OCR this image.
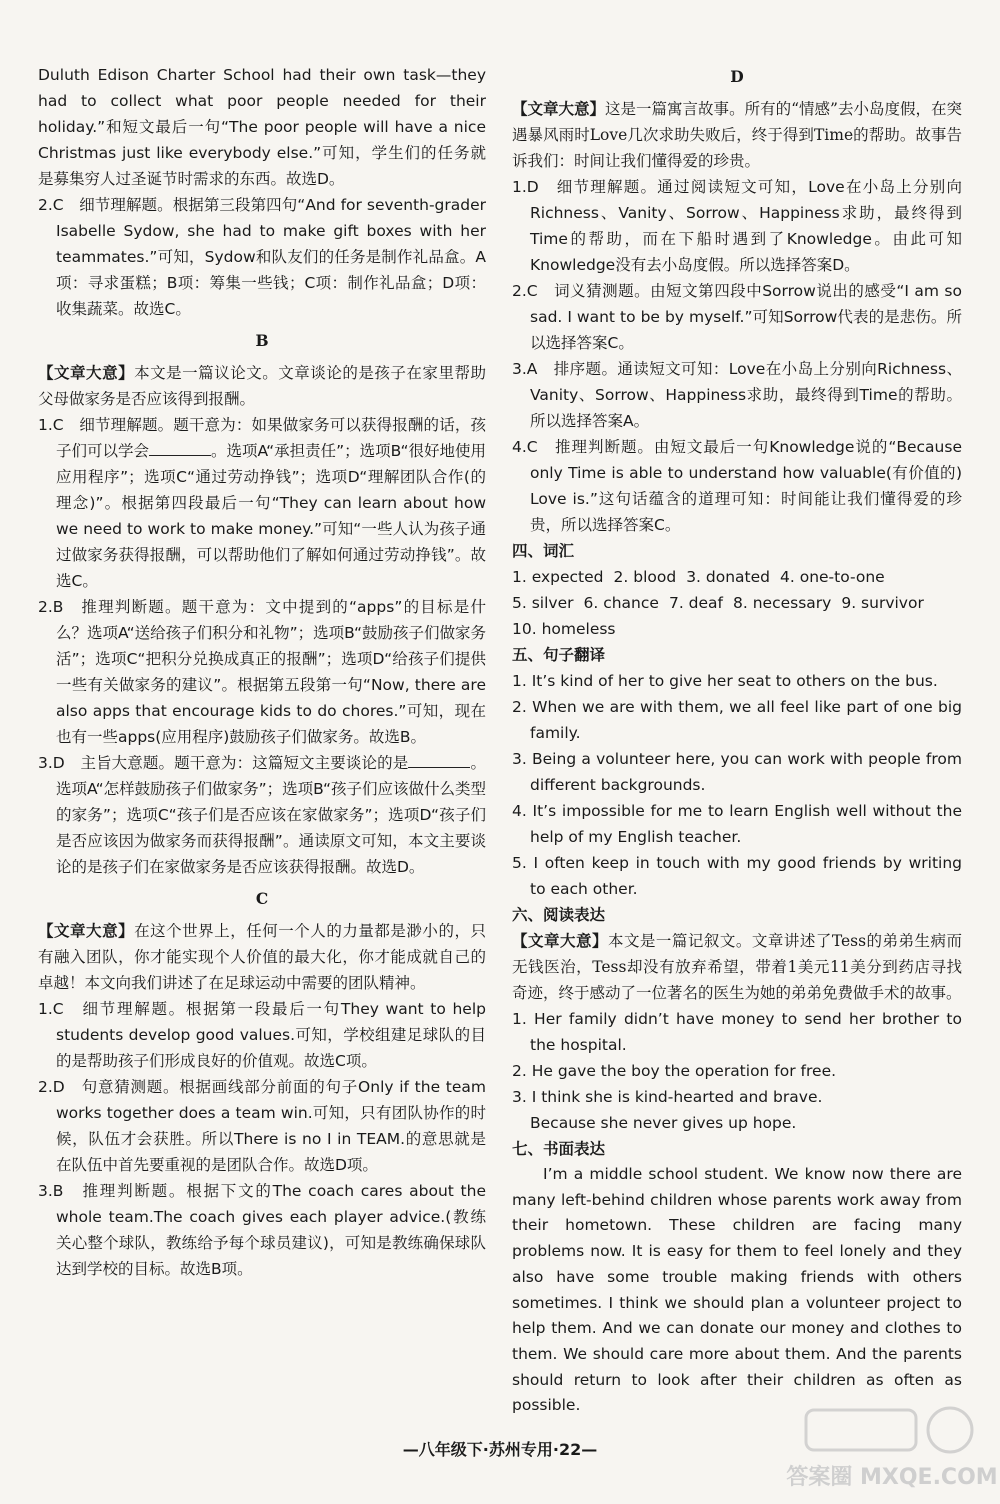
Duluth Edison Charter School had their own task—they had to collect what poor people needed for their holiday.”和短文最后一句“The poor people will have a nice Christmas just like everybody else.”可知，学生们的任务就是募集穷人过圣诞节时需求的东西。故选D。

2.C　细节理解题。根据第三段第四句“And for seventh-grader Isabelle Sydow, she had to make gift boxes with her teammates.”可知，Sydow和队友们的任务是制作礼品盒。A项：寻求蛋糕；B项：筹集一些钱；C项：制作礼品盒；D项：收集蔬菜。故选C。

B

【文章大意】本文是一篇议论文。文章谈论的是孩子在家里帮助父母做家务是否应该得到报酬。

1.C　细节理解题。题干意为：如果做家务可以获得报酬的话，孩子们可以学会	。选项A“承担责任”；选项B“很好地使用应用程序”；选项C“通过劳动挣钱”；选项D“理解团队合作(的理念)”。根据第四段最后一句“They can learn about how we need to work to make money.”可知“一些人认为孩子通过做家务获得报酬，可以帮助他们了解如何通过劳动挣钱”。故选C。

2.B　推理判断题。题干意为：文中提到的“apps”的目标是什么？选项A“送给孩子们积分和礼物”；选项B“鼓励孩子们做家务活”；选项C“把积分兑换成真正的报酬”；选项D“给孩子们提供一些有关做家务的建议”。根据第五段第一句“Now, there are also apps that encourage kids to do chores.”可知，现在也有一些apps(应用程序)鼓励孩子们做家务。故选B。

3.D　主旨大意题。题干意为：这篇短文主要谈论的是	。选项A“怎样鼓励孩子们做家务”；选项B“孩子们应该做什么类型的家务”；选项C“孩子们是否应该在家做家务”；选项D“孩子们是否应该因为做家务而获得报酬”。通读原文可知，本文主要谈论的是孩子们在家做家务是否应该获得报酬。故选D。

C

【文章大意】在这个世界上，任何一个人的力量都是渺小的，只有融入团队，你才能实现个人价值的最大化，你才能成就自己的卓越！本文向我们讲述了在足球运动中需要的团队精神。

1.C　细节理解题。根据第一段最后一句They want to help students develop good values.可知，学校组建足球队的目的是帮助孩子们形成良好的价值观。故选C项。

2.D　句意猜测题。根据画线部分前面的句子Only if the team works together does a team win.可知，只有团队协作的时候，队伍才会获胜。所以There is no I in TEAM.的意思就是在队伍中首先要重视的是团队合作。故选D项。

3.B　推理判断题。根据下文的The coach cares about the whole team.The coach gives each player advice.(教练关心整个球队，教练给予每个球员建议)，可知是教练确保球队达到学校的目标。故选B项。

D

【文章大意】这是一篇寓言故事。所有的“情感”去小岛度假，在突遇暴风雨时Love几次求助失败后，终于得到Time的帮助。故事告诉我们：时间让我们懂得爱的珍贵。

1.D　细节理解题。通过阅读短文可知，Love在小岛上分别向Richness、Vanity、Sorrow、Happiness求助，最终得到Time的帮助，而在下船时遇到了Knowledge。由此可知Knowledge没有去小岛度假。所以选择答案D。

2.C　词义猜测题。由短文第四段中Sorrow说出的感受“I am so sad. I want to be by myself.”可知Sorrow代表的是悲伤。所以选择答案C。

3.A　排序题。通读短文可知：Love在小岛上分别向Richness、Vanity、Sorrow、Happiness求助，最终得到Time的帮助。所以选择答案A。

4.C　推理判断题。由短文最后一句Knowledge说的“Because only Time is able to understand how valuable(有价值的) Love is.”这句话蕴含的道理可知：时间能让我们懂得爱的珍贵，所以选择答案C。

四、词汇

1. expected 2. blood 3. donated 4. one-to-one

5. silver 6. chance 7. deaf 8. necessary 9. survivor

10. homeless

五、句子翻译

1. It’s kind of her to give her seat to others on the bus.

2. When we are with them, we all feel like part of one big family.

3. Being a volunteer here, you can work with people from different backgrounds.

4. It’s impossible for me to learn English well without the help of my English teacher.

5. I often keep in touch with my good friends by writing to each other.

六、阅读表达

【文章大意】本文是一篇记叙文。文章讲述了Tess的弟弟生病而无钱医治，Tess却没有放弃希望，带着1美元11美分到药店寻找奇迹，终于感动了一位著名的医生为她的弟弟免费做手术的故事。

1. Her family didn’t have money to send her brother to the hospital.

2. He gave the boy the operation for free.

3. I think she is kind-hearted and brave.

Because she never gives up hope.

七、书面表达

I’m a middle school student. We know now there are many left-behind children whose parents work away from their hometown. These children are facing many problems now. It is easy for them to feel lonely and they also have some trouble making friends with others sometimes. I think we should plan a volunteer project to help them. And we can donate our money and clothes to them. We should care more about them. And the parents should return to look after their children as often as possible.

—八年级下·苏州专用·22—
答案圈 MXQE.COM
